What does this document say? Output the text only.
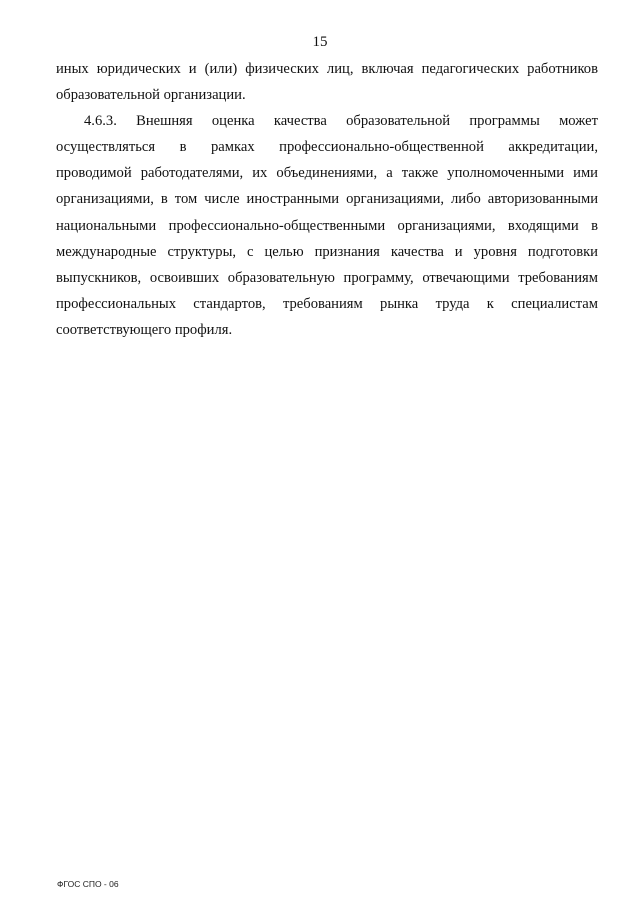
15
иных юридических и (или) физических лиц, включая педагогических работников
образовательной организации.
4.6.3. Внешняя оценка качества образовательной программы может
осуществляться в рамках профессионально-общественной аккредитации,
проводимой работодателями, их объединениями, а также уполномоченными ими
организациями, в том числе иностранными организациями, либо авторизованными
национальными профессионально-общественными организациями, входящими в
международные структуры, с целью признания качества и уровня подготовки
выпускников, освоивших образовательную программу, отвечающими требованиям
профессиональных стандартов, требованиям рынка труда к специалистам
соответствующего профиля.
ФГОС СПО - 06
